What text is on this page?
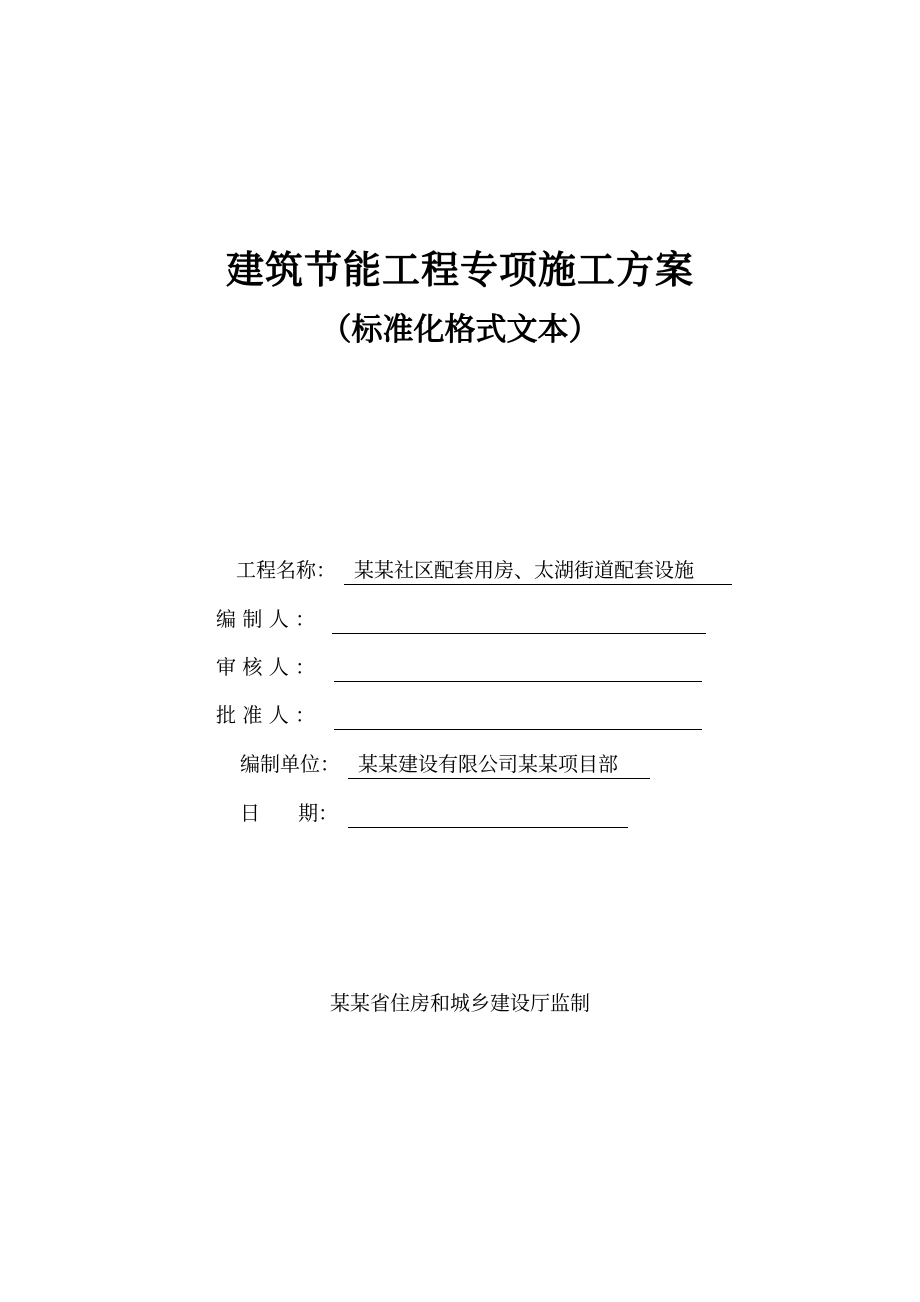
建筑节能工程专项施工方案
（标准化格式文本）
工程名称： 某某社区配套用房、太湖街道配套设施
编 制 人 ：
审 核 人 ：
批 准 人 ：
编制单位： 某某建设有限公司某某项目部
日      期：
某某省住房和城乡建设厅监制
